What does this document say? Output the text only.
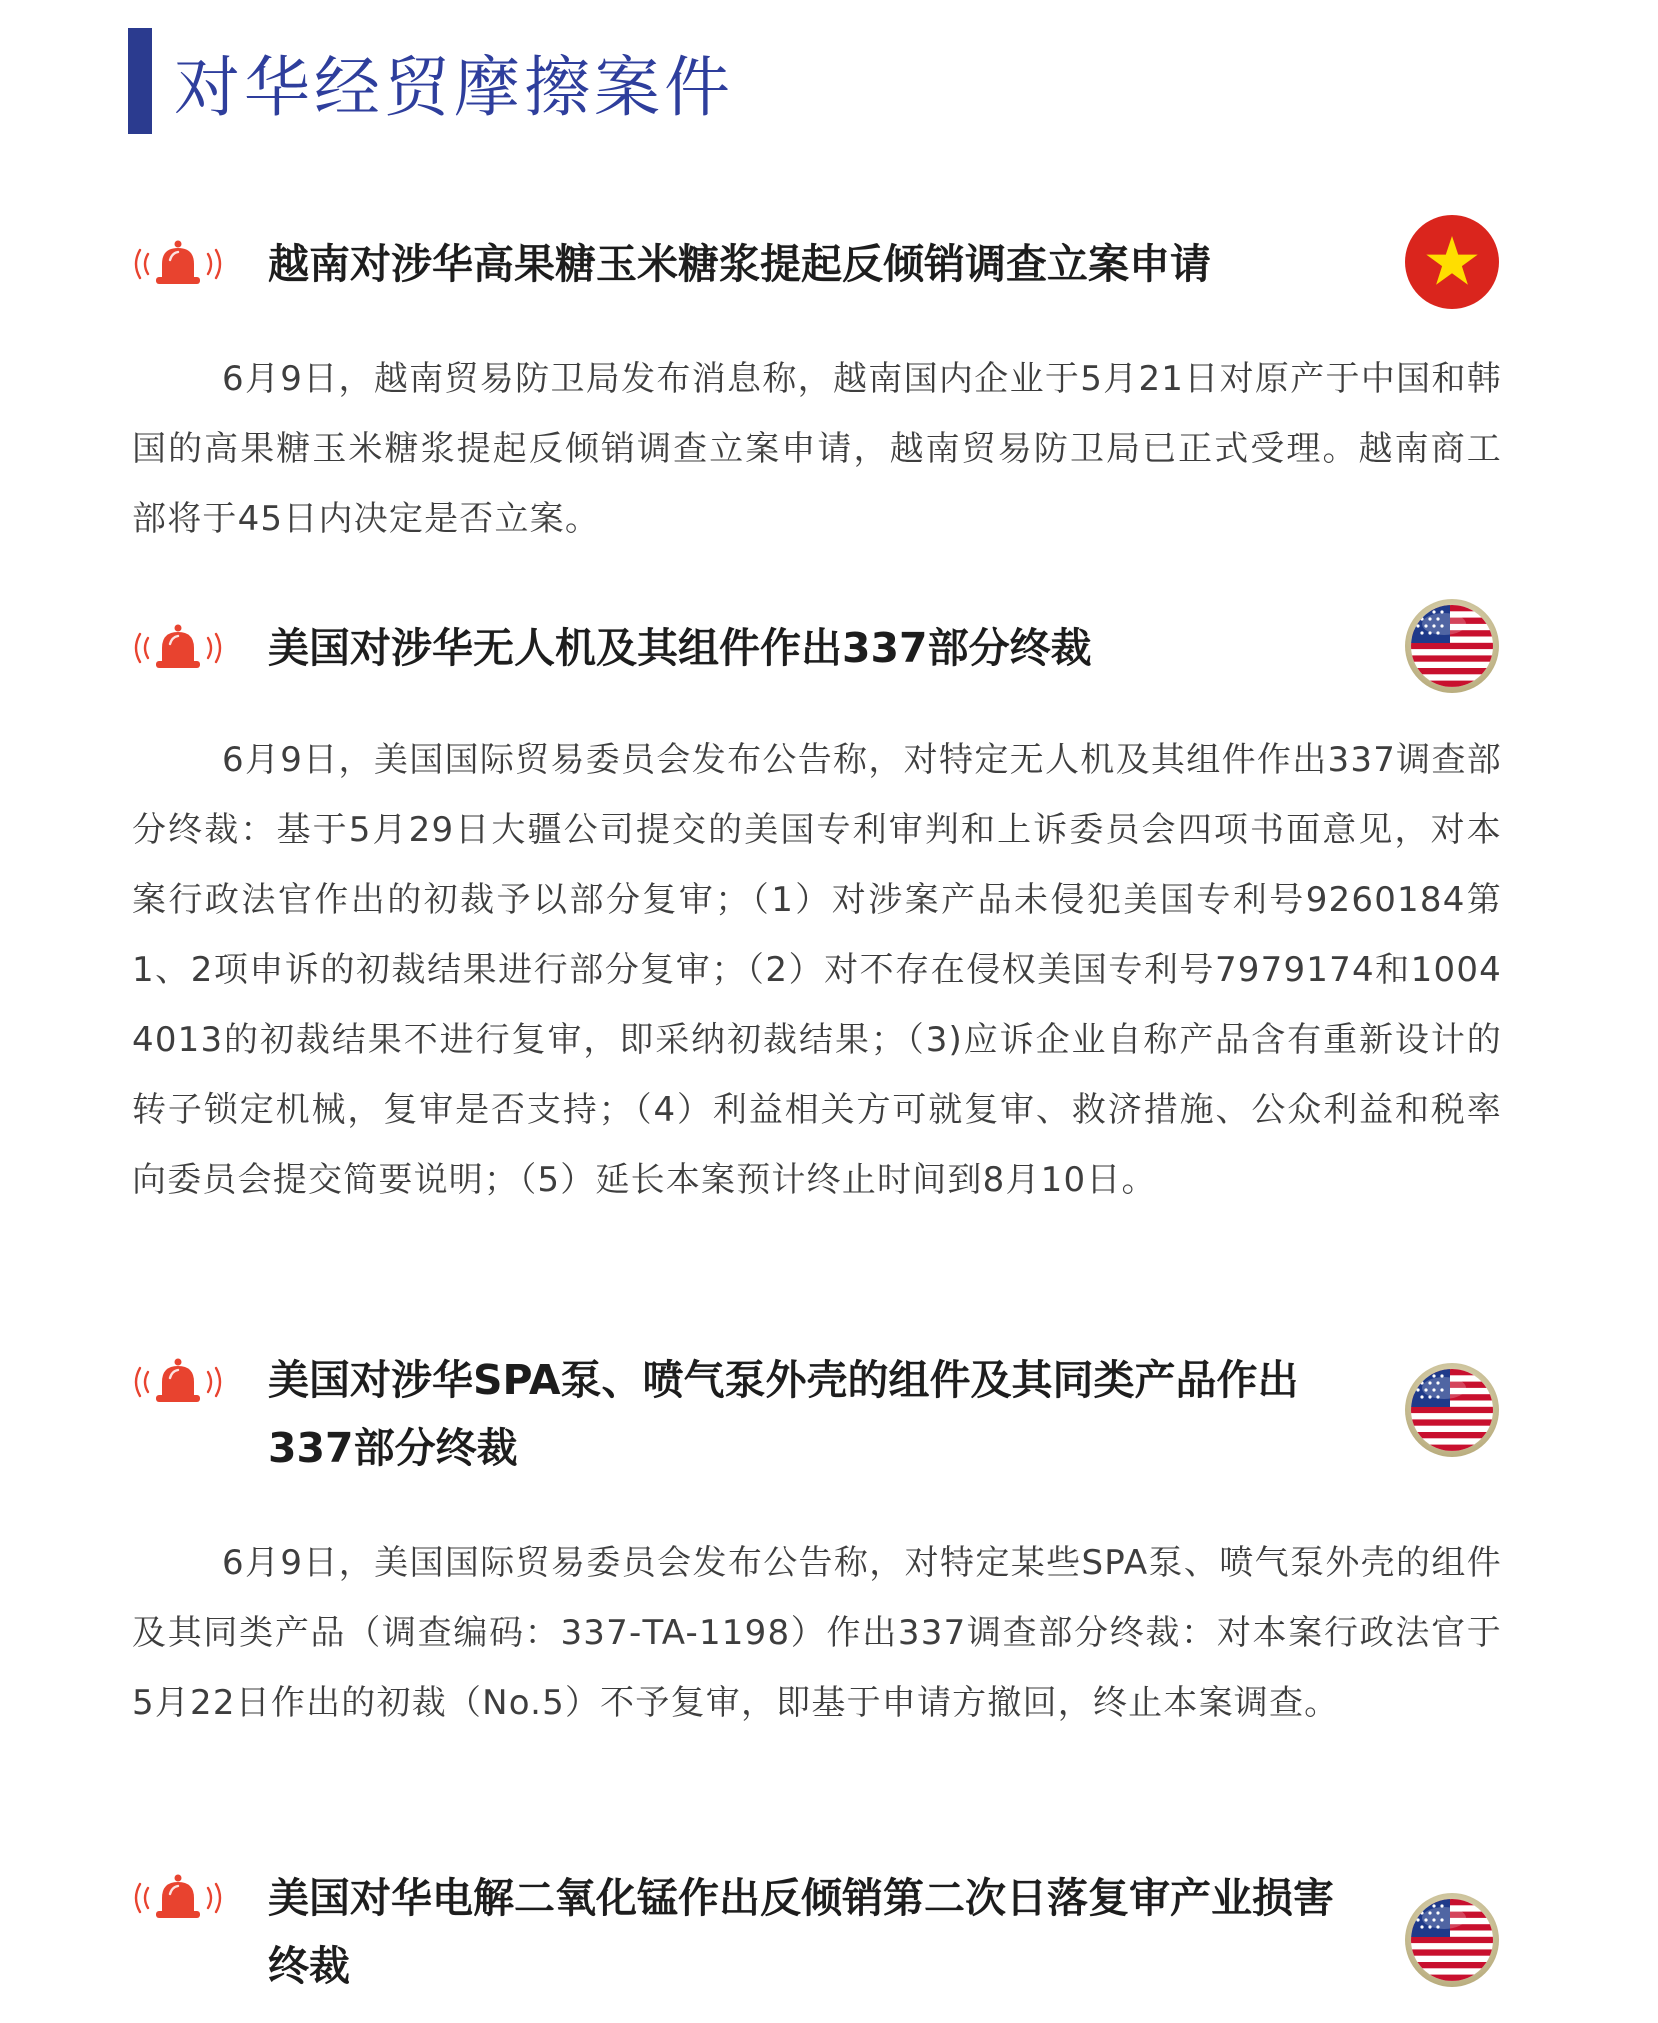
对华经贸摩擦案件
越南对涉华高果糖玉米糖浆提起反倾销调查立案申请

6月9日，越南贸易防卫局发布消息称，越南国内企业于5月21日对原产于中国和韩国的高果糖玉米糖浆提起反倾销调查立案申请，越南贸易防卫局已正式受理。越南商工部将于45日内决定是否立案。

美国对涉华无人机及其组件作出337部分终裁

6月9日，美国国际贸易委员会发布公告称，对特定无人机及其组件作出337调查部分终裁：基于5月29日大疆公司提交的美国专利审判和上诉委员会四项书面意见，对本案行政法官作出的初裁予以部分复审；（1）对涉案产品未侵犯美国专利号9260184第1、2项申诉的初裁结果进行部分复审；（2）对不存在侵权美国专利号7979174和10044013的初裁结果不进行复审，即采纳初裁结果；（3)应诉企业自称产品含有重新设计的转子锁定机械，复审是否支持；（4）利益相关方可就复审、救济措施、公众利益和税率向委员会提交简要说明；（5）延长本案预计终止时间到8月10日。

美国对涉华SPA泵、喷气泵外壳的组件及其同类产品作出337部分终裁

6月9日，美国国际贸易委员会发布公告称，对特定某些SPA泵、喷气泵外壳的组件及其同类产品（调查编码：337-TA-1198）作出337调查部分终裁：对本案行政法官于5月22日作出的初裁（No.5）不予复审，即基于申请方撤回，终止本案调查。

美国对华电解二氧化锰作出反倾销第二次日落复审产业损害终裁
